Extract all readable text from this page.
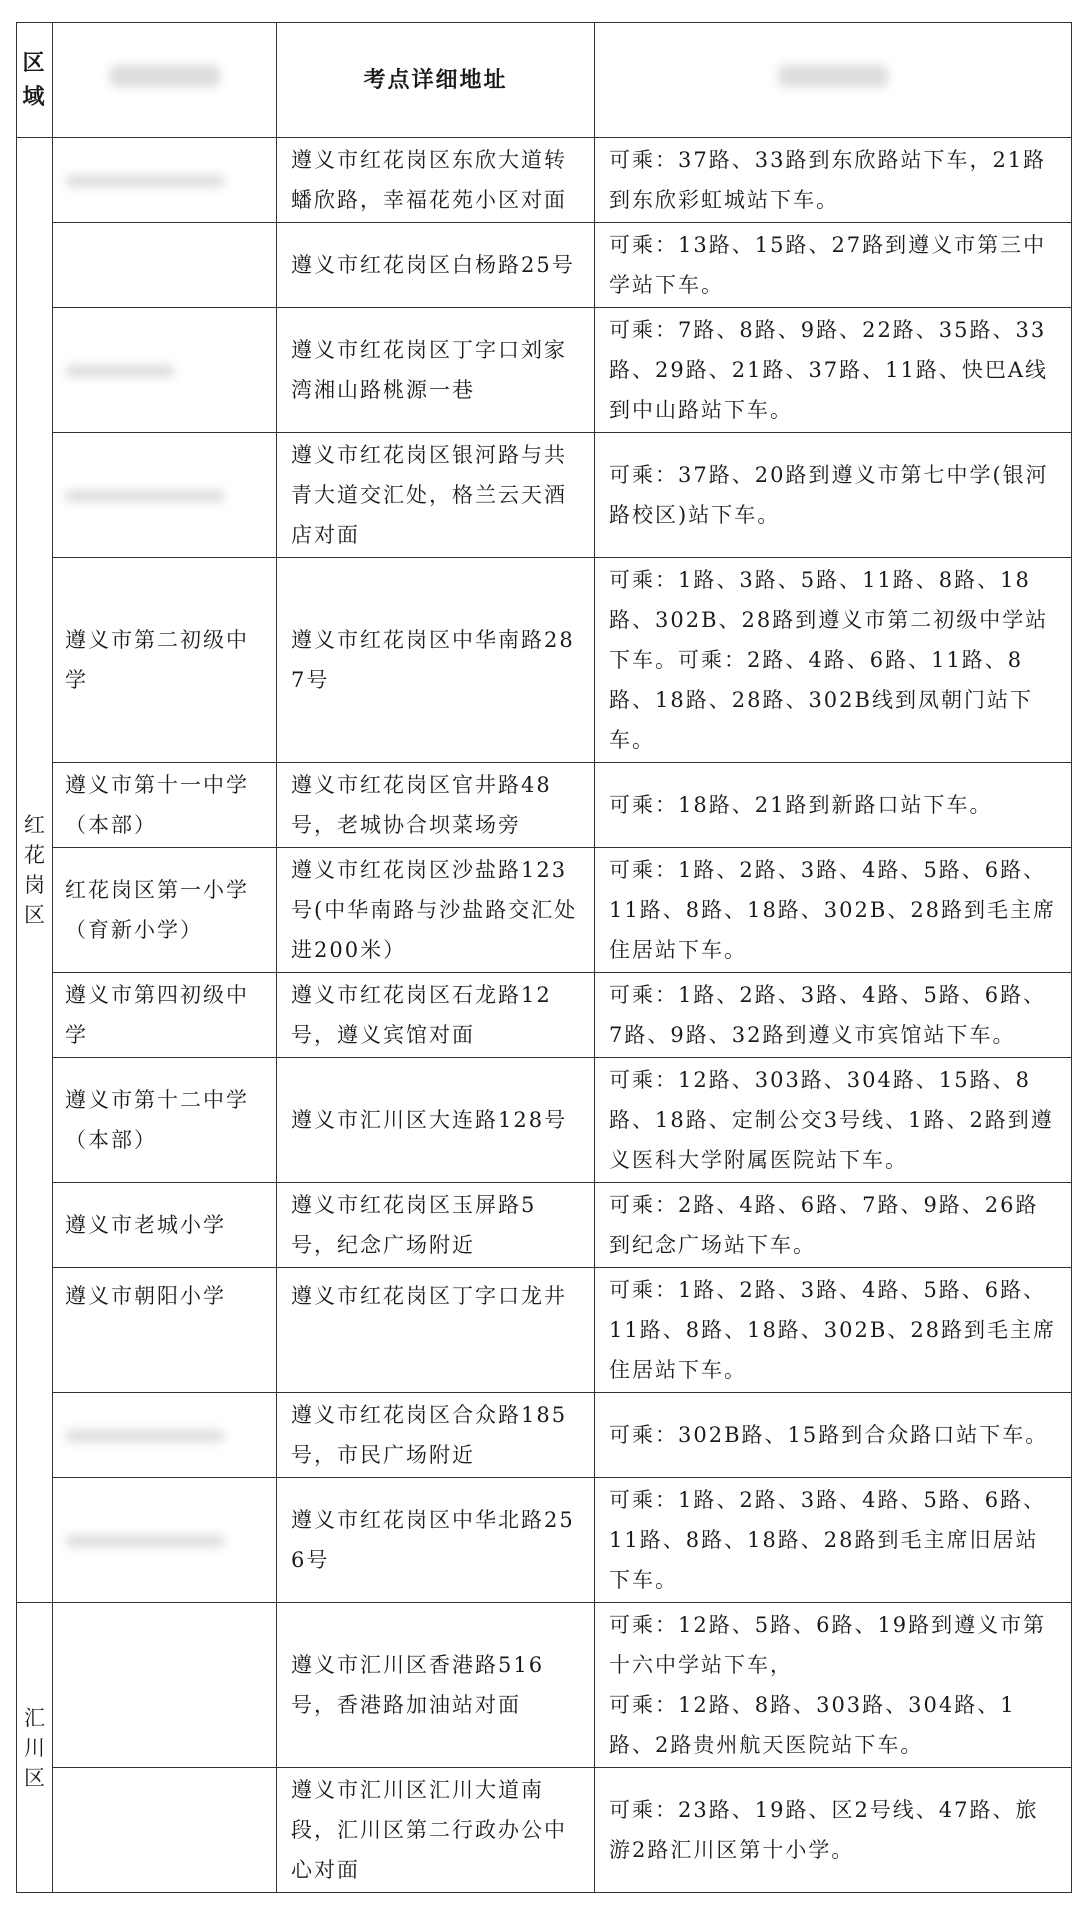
区域		考点详细地址	
红花岗区		遵义市红花岗区东欣大道转蟠欣路，幸福花苑小区对面	可乘：37路、33路到东欣路站下车，21路到东欣彩虹城站下车。
		遵义市红花岗区白杨路25号	可乘：13路、15路、27路到遵义市第三中学站下车。
		遵义市红花岗区丁字口刘家湾湘山路桃源一巷	可乘：7路、8路、9路、22路、35路、33路、29路、21路、37路、11路、快巴A线到中山路站下车。
		遵义市红花岗区银河路与共青大道交汇处，格兰云天酒店对面	可乘：37路、20路到遵义市第七中学(银河路校区)站下车。
	遵义市第二初级中学	遵义市红花岗区中华南路287号	可乘：1路、3路、5路、11路、8路、18路、302B、28路到遵义市第二初级中学站下车。可乘：2路、4路、6路、11路、8路、18路、28路、302B线到凤朝门站下车。
	遵义市第十一中学（本部）	遵义市红花岗区官井路48号，老城协合坝菜场旁	可乘：18路、21路到新路口站下车。
	红花岗区第一小学（育新小学）	遵义市红花岗区沙盐路123号(中华南路与沙盐路交汇处进200米）	可乘：1路、2路、3路、4路、5路、6路、11路、8路、18路、302B、28路到毛主席住居站下车。
	遵义市第四初级中学	遵义市红花岗区石龙路12号，遵义宾馆对面	可乘：1路、2路、3路、4路、5路、6路、7路、9路、32路到遵义市宾馆站下车。
	遵义市第十二中学（本部）	遵义市汇川区大连路128号	可乘：12路、303路、304路、15路、8路、18路、定制公交3号线、1路、2路到遵义医科大学附属医院站下车。
	遵义市老城小学	遵义市红花岗区玉屏路5号，纪念广场附近	可乘：2路、4路、6路、7路、9路、26路到纪念广场站下车。
	遵义市朝阳小学	遵义市红花岗区丁字口龙井	可乘：1路、2路、3路、4路、5路、6路、11路、8路、18路、302B、28路到毛主席住居站下车。
		遵义市红花岗区合众路185号，市民广场附近	可乘：302B路、15路到合众路口站下车。
		遵义市红花岗区中华北路256号	可乘：1路、2路、3路、4路、5路、6路、11路、8路、18路、28路到毛主席旧居站下车。
汇川区		遵义市汇川区香港路516号，香港路加油站对面	可乘：12路、5路、6路、19路到遵义市第十六中学站下车，
可乘：12路、8路、303路、304路、1路、2路贵州航天医院站下车。
		遵义市汇川区汇川大道南段，汇川区第二行政办公中心对面	可乘：23路、19路、区2号线、47路、旅游2路汇川区第十小学。
